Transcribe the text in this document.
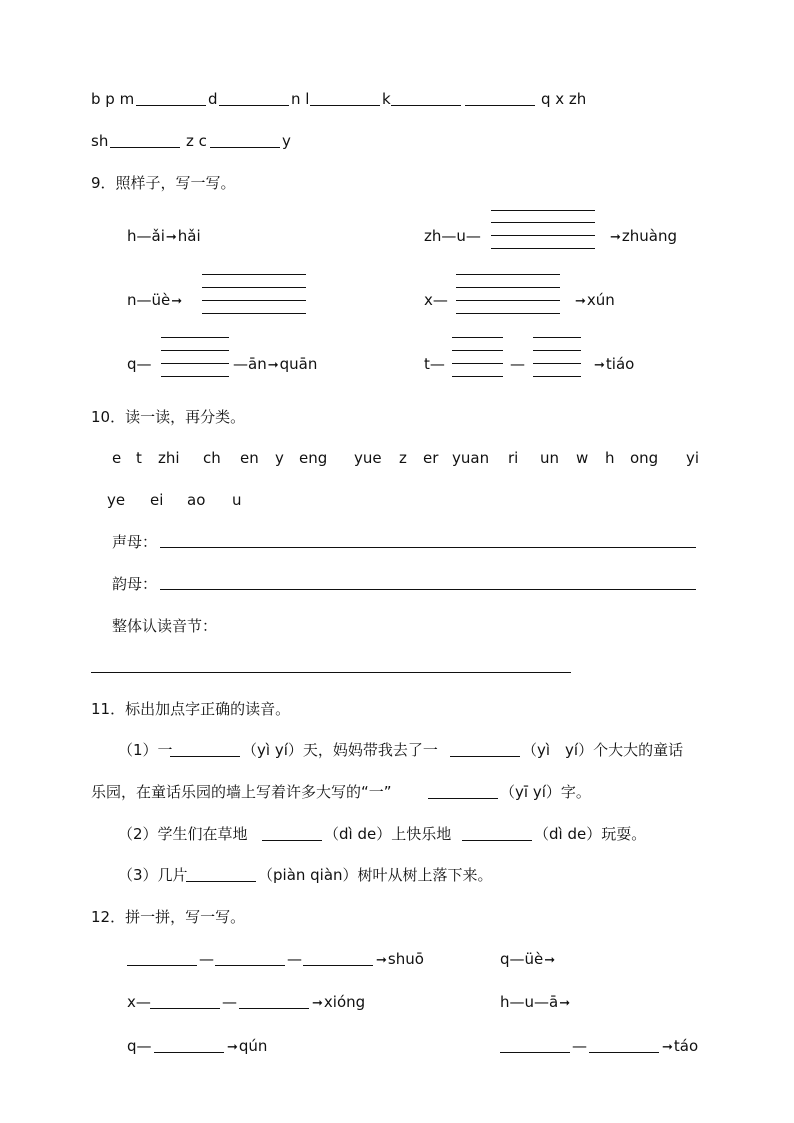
b p m	d	n l	k	q x zh
sh	z c	y
9．照样子，写一写。
h—ǎi➞hǎi	zh—u—	➞zhuàng
n—üè➞	x—	➞xún
q—	—ān➞quān	t—	—	➞tiáo
10．读一读，再分类。
e t zhi ch en y eng yue z er yuan ri un w h ong yi
ye ei ao u
声母：
韵母：
整体认读音节：
11．标出加点字正确的读音。
（1）一	（yì yí）天，妈妈带我去了一	（yì　yí）个大大的童话
乐园，在童话乐园的墙上写着许多大写的“一”	（yī yí）字。
（2）学生们在草地	（dì de）上快乐地	（dì de）玩耍。
（3）几片	（piàn qiàn）树叶从树上落下来。
12．拼一拼，写一写。
—	—	➞shuō	q—üè➞
x—	—	➞xióng	h—u—ā➞
q—	➞qún	—	➞táo
